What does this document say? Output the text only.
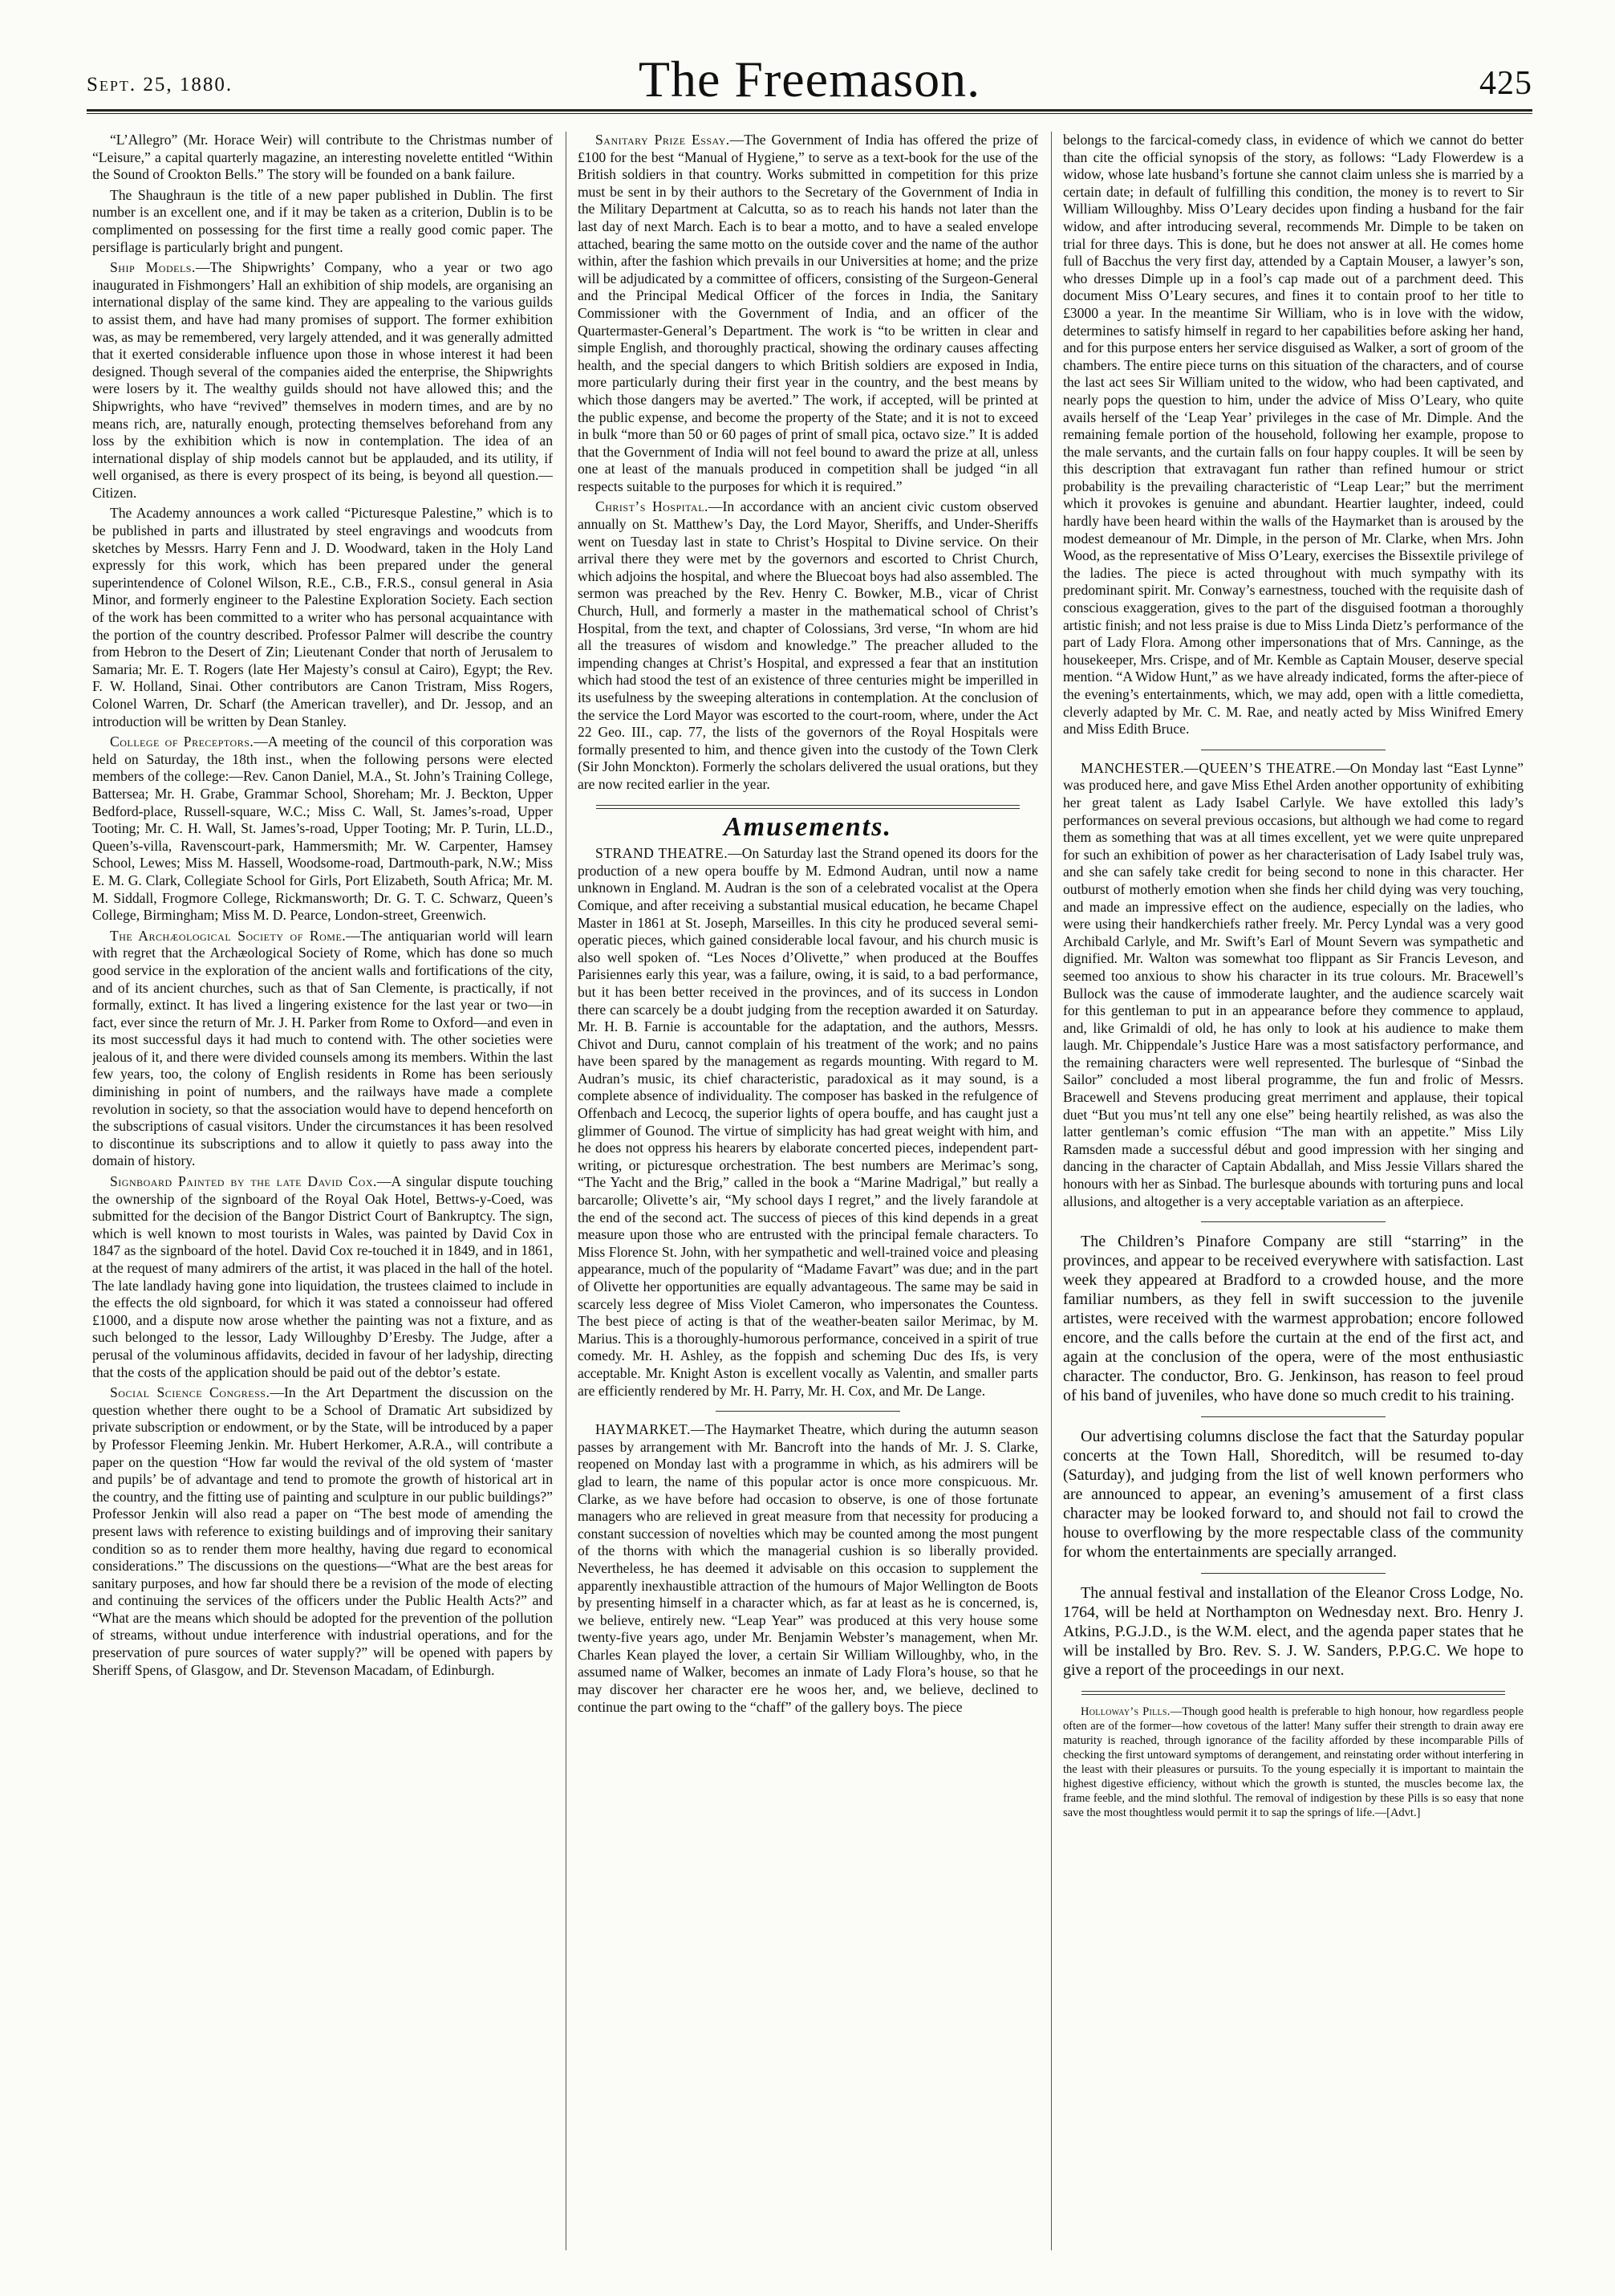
Sept. 25, 1880.	The Freemason.	425

“L’Allegro” (Mr. Horace Weir) will contribute to the Christmas number of “Leisure,” a capital quarterly magazine, an interesting novelette entitled “Within the Sound of Crookton Bells.” The story will be founded on a bank failure.

The Shaughraun is the title of a new paper published in Dublin. The first number is an excellent one, and if it may be taken as a criterion, Dublin is to be complimented on possessing for the first time a really good comic paper. The persiflage is particularly bright and pungent.

Ship Models.—The Shipwrights’ Company, who a year or two ago inaugurated in Fishmongers’ Hall an exhibition of ship models, are organising an international display of the same kind. They are appealing to the various guilds to assist them, and have had many promises of support. The former exhibition was, as may be remembered, very largely attended, and it was generally admitted that it exerted considerable influence upon those in whose interest it had been designed. Though several of the companies aided the enterprise, the Shipwrights were losers by it. The wealthy guilds should not have allowed this; and the Shipwrights, who have “revived” themselves in modern times, and are by no means rich, are, naturally enough, protecting themselves beforehand from any loss by the exhibition which is now in contemplation. The idea of an international display of ship models cannot but be applauded, and its utility, if well organised, as there is every prospect of its being, is beyond all question.—Citizen.

The Academy announces a work called “Picturesque Palestine,” which is to be published in parts and illustrated by steel engravings and woodcuts from sketches by Messrs. Harry Fenn and J. D. Woodward, taken in the Holy Land expressly for this work, which has been prepared under the general superintendence of Colonel Wilson, R.E., C.B., F.R.S., consul general in Asia Minor, and formerly engineer to the Palestine Exploration Society. Each section of the work has been committed to a writer who has personal acquaintance with the portion of the country described. Professor Palmer will describe the country from Hebron to the Desert of Zin; Lieutenant Conder that north of Jerusalem to Samaria; Mr. E. T. Rogers (late Her Majesty’s consul at Cairo), Egypt; the Rev. F. W. Holland, Sinai. Other contributors are Canon Tristram, Miss Rogers, Colonel Warren, Dr. Scharf (the American traveller), and Dr. Jessop, and an introduction will be written by Dean Stanley.

College of Preceptors.—A meeting of the council of this corporation was held on Saturday, the 18th inst., when the following persons were elected members of the college:—Rev. Canon Daniel, M.A., St. John’s Training College, Battersea; Mr. H. Grabe, Grammar School, Shoreham; Mr. J. Beckton, Upper Bedford-place, Russell-square, W.C.; Miss C. Wall, St. James’s-road, Upper Tooting; Mr. C. H. Wall, St. James’s-road, Upper Tooting; Mr. P. Turin, LL.D., Queen’s-villa, Ravenscourt-park, Hammersmith; Mr. W. Carpenter, Hamsey School, Lewes; Miss M. Hassell, Woodsome-road, Dartmouth-park, N.W.; Miss E. M. G. Clark, Collegiate School for Girls, Port Elizabeth, South Africa; Mr. M. M. Siddall, Frogmore College, Rickmansworth; Dr. G. T. C. Schwarz, Queen’s College, Birmingham; Miss M. D. Pearce, London-street, Greenwich.

The Archæological Society of Rome.—The antiquarian world will learn with regret that the Archæological Society of Rome, which has done so much good service in the exploration of the ancient walls and fortifications of the city, and of its ancient churches, such as that of San Clemente, is practically, if not formally, extinct. It has lived a lingering existence for the last year or two—in fact, ever since the return of Mr. J. H. Parker from Rome to Oxford—and even in its most successful days it had much to contend with. The other societies were jealous of it, and there were divided counsels among its members. Within the last few years, too, the colony of English residents in Rome has been seriously diminishing in point of numbers, and the railways have made a complete revolution in society, so that the association would have to depend henceforth on the subscriptions of casual visitors. Under the circumstances it has been resolved to discontinue its subscriptions and to allow it quietly to pass away into the domain of history.

Signboard Painted by the late David Cox.—A singular dispute touching the ownership of the signboard of the Royal Oak Hotel, Bettws-y-Coed, was submitted for the decision of the Bangor District Court of Bankruptcy. The sign, which is well known to most tourists in Wales, was painted by David Cox in 1847 as the signboard of the hotel. David Cox re-touched it in 1849, and in 1861, at the request of many admirers of the artist, it was placed in the hall of the hotel. The late landlady having gone into liquidation, the trustees claimed to include in the effects the old signboard, for which it was stated a connoisseur had offered £1000, and a dispute now arose whether the painting was not a fixture, and as such belonged to the lessor, Lady Willoughby D’Eresby. The Judge, after a perusal of the voluminous affidavits, decided in favour of her ladyship, directing that the costs of the application should be paid out of the debtor’s estate.

Social Science Congress.—In the Art Department the discussion on the question whether there ought to be a School of Dramatic Art subsidized by private subscription or endowment, or by the State, will be introduced by a paper by Professor Fleeming Jenkin. Mr. Hubert Herkomer, A.R.A., will contribute a paper on the question “How far would the revival of the old system of ‘master and pupils’ be of advantage and tend to promote the growth of historical art in the country, and the fitting use of painting and sculpture in our public buildings?” Professor Jenkin will also read a paper on “The best mode of amending the present laws with reference to existing buildings and of improving their sanitary condition so as to render them more healthy, having due regard to economical considerations.” The discussions on the questions—“What are the best areas for sanitary purposes, and how far should there be a revision of the mode of electing and continuing the services of the officers under the Public Health Acts?” and “What are the means which should be adopted for the prevention of the pollution of streams, without undue interference with industrial operations, and for the preservation of pure sources of water supply?” will be opened with papers by Sheriff Spens, of Glasgow, and Dr. Stevenson Macadam, of Edinburgh.

Sanitary Prize Essay.—The Government of India has offered the prize of £100 for the best “Manual of Hygiene,” to serve as a text-book for the use of the British soldiers in that country. Works submitted in competition for this prize must be sent in by their authors to the Secretary of the Government of India in the Military Department at Calcutta, so as to reach his hands not later than the last day of next March. Each is to bear a motto, and to have a sealed envelope attached, bearing the same motto on the outside cover and the name of the author within, after the fashion which prevails in our Universities at home; and the prize will be adjudicated by a committee of officers, consisting of the Surgeon-General and the Principal Medical Officer of the forces in India, the Sanitary Commissioner with the Government of India, and an officer of the Quartermaster-General’s Department. The work is “to be written in clear and simple English, and thoroughly practical, showing the ordinary causes affecting health, and the special dangers to which British soldiers are exposed in India, more particularly during their first year in the country, and the best means by which those dangers may be averted.” The work, if accepted, will be printed at the public expense, and become the property of the State; and it is not to exceed in bulk “more than 50 or 60 pages of print of small pica, octavo size.” It is added that the Government of India will not feel bound to award the prize at all, unless one at least of the manuals produced in competition shall be judged “in all respects suitable to the purposes for which it is required.”

Christ’s Hospital.—In accordance with an ancient civic custom observed annually on St. Matthew’s Day, the Lord Mayor, Sheriffs, and Under-Sheriffs went on Tuesday last in state to Christ’s Hospital to Divine service. On their arrival there they were met by the governors and escorted to Christ Church, which adjoins the hospital, and where the Bluecoat boys had also assembled. The sermon was preached by the Rev. Henry C. Bowker, M.B., vicar of Christ Church, Hull, and formerly a master in the mathematical school of Christ’s Hospital, from the text, and chapter of Colossians, 3rd verse, “In whom are hid all the treasures of wisdom and knowledge.” The preacher alluded to the impending changes at Christ’s Hospital, and expressed a fear that an institution which had stood the test of an existence of three centuries might be imperilled in its usefulness by the sweeping alterations in contemplation. At the conclusion of the service the Lord Mayor was escorted to the court-room, where, under the Act 22 Geo. III., cap. 77, the lists of the governors of the Royal Hospitals were formally presented to him, and thence given into the custody of the Town Clerk (Sir John Monckton). Formerly the scholars delivered the usual orations, but they are now recited earlier in the year.

Amusements.

STRAND THEATRE.—On Saturday last the Strand opened its doors for the production of a new opera bouffe by M. Edmond Audran, until now a name unknown in England. M. Audran is the son of a celebrated vocalist at the Opera Comique, and after receiving a substantial musical education, he became Chapel Master in 1861 at St. Joseph, Marseilles. In this city he produced several semi-operatic pieces, which gained considerable local favour, and his church music is also well spoken of. “Les Noces d’Olivette,” when produced at the Bouffes Parisiennes early this year, was a failure, owing, it is said, to a bad performance, but it has been better received in the provinces, and of its success in London there can scarcely be a doubt judging from the reception awarded it on Saturday. Mr. H. B. Farnie is accountable for the adaptation, and the authors, Messrs. Chivot and Duru, cannot complain of his treatment of the work; and no pains have been spared by the management as regards mounting. With regard to M. Audran’s music, its chief characteristic, paradoxical as it may sound, is a complete absence of individuality. The composer has basked in the refulgence of Offenbach and Lecocq, the superior lights of opera bouffe, and has caught just a glimmer of Gounod. The virtue of simplicity has had great weight with him, and he does not oppress his hearers by elaborate concerted pieces, independent part-writing, or picturesque orchestration. The best numbers are Merimac’s song, “The Yacht and the Brig,” called in the book a “Marine Madrigal,” but really a barcarolle; Olivette’s air, “My school days I regret,” and the lively farandole at the end of the second act. The success of pieces of this kind depends in a great measure upon those who are entrusted with the principal female characters. To Miss Florence St. John, with her sympathetic and well-trained voice and pleasing appearance, much of the popularity of “Madame Favart” was due; and in the part of Olivette her opportunities are equally advantageous. The same may be said in scarcely less degree of Miss Violet Cameron, who impersonates the Countess. The best piece of acting is that of the weather-beaten sailor Merimac, by M. Marius. This is a thoroughly-humorous performance, conceived in a spirit of true comedy. Mr. H. Ashley, as the foppish and scheming Duc des Ifs, is very acceptable. Mr. Knight Aston is excellent vocally as Valentin, and smaller parts are efficiently rendered by Mr. H. Parry, Mr. H. Cox, and Mr. De Lange.

HAYMARKET.—The Haymarket Theatre, which during the autumn season passes by arrangement with Mr. Bancroft into the hands of Mr. J. S. Clarke, reopened on Monday last with a programme in which, as his admirers will be glad to learn, the name of this popular actor is once more conspicuous. Mr. Clarke, as we have before had occasion to observe, is one of those fortunate managers who are relieved in great measure from that necessity for producing a constant succession of novelties which may be counted among the most pungent of the thorns with which the managerial cushion is so liberally provided. Nevertheless, he has deemed it advisable on this occasion to supplement the apparently inexhaustible attraction of the humours of Major Wellington de Boots by presenting himself in a character which, as far at least as he is concerned, is, we believe, entirely new. “Leap Year” was produced at this very house some twenty-five years ago, under Mr. Benjamin Webster’s management, when Mr. Charles Kean played the lover, a certain Sir William Willoughby, who, in the assumed name of Walker, becomes an inmate of Lady Flora’s house, so that he may discover her character ere he woos her, and, we believe, declined to continue the part owing to the “chaff” of the gallery boys. The piece

belongs to the farcical-comedy class, in evidence of which we cannot do better than cite the official synopsis of the story, as follows: “Lady Flowerdew is a widow, whose late husband’s fortune she cannot claim unless she is married by a certain date; in default of fulfilling this condition, the money is to revert to Sir William Willoughby. Miss O’Leary decides upon finding a husband for the fair widow, and after introducing several, recommends Mr. Dimple to be taken on trial for three days. This is done, but he does not answer at all. He comes home full of Bacchus the very first day, attended by a Captain Mouser, a lawyer’s son, who dresses Dimple up in a fool’s cap made out of a parchment deed. This document Miss O’Leary secures, and fines it to contain proof to her title to £3000 a year. In the meantime Sir William, who is in love with the widow, determines to satisfy himself in regard to her capabilities before asking her hand, and for this purpose enters her service disguised as Walker, a sort of groom of the chambers. The entire piece turns on this situation of the characters, and of course the last act sees Sir William united to the widow, who had been captivated, and nearly pops the question to him, under the advice of Miss O’Leary, who quite avails herself of the ‘Leap Year’ privileges in the case of Mr. Dimple. And the remaining female portion of the household, following her example, propose to the male servants, and the curtain falls on four happy couples. It will be seen by this description that extravagant fun rather than refined humour or strict probability is the prevailing characteristic of “Leap Lear;” but the merriment which it provokes is genuine and abundant. Heartier laughter, indeed, could hardly have been heard within the walls of the Haymarket than is aroused by the modest demeanour of Mr. Dimple, in the person of Mr. Clarke, when Mrs. John Wood, as the representative of Miss O’Leary, exercises the Bissextile privilege of the ladies. The piece is acted throughout with much sympathy with its predominant spirit. Mr. Conway’s earnestness, touched with the requisite dash of conscious exaggeration, gives to the part of the disguised footman a thoroughly artistic finish; and not less praise is due to Miss Linda Dietz’s performance of the part of Lady Flora. Among other impersonations that of Mrs. Canninge, as the housekeeper, Mrs. Crispe, and of Mr. Kemble as Captain Mouser, deserve special mention. “A Widow Hunt,” as we have already indicated, forms the after-piece of the evening’s entertainments, which, we may add, open with a little comedietta, cleverly adapted by Mr. C. M. Rae, and neatly acted by Miss Winifred Emery and Miss Edith Bruce.

MANCHESTER.—QUEEN’S THEATRE.—On Monday last “East Lynne” was produced here, and gave Miss Ethel Arden another opportunity of exhibiting her great talent as Lady Isabel Carlyle. We have extolled this lady’s performances on several previous occasions, but although we had come to regard them as something that was at all times excellent, yet we were quite unprepared for such an exhibition of power as her characterisation of Lady Isabel truly was, and she can safely take credit for being second to none in this character. Her outburst of motherly emotion when she finds her child dying was very touching, and made an impressive effect on the audience, especially on the ladies, who were using their handkerchiefs rather freely. Mr. Percy Lyndal was a very good Archibald Carlyle, and Mr. Swift’s Earl of Mount Severn was sympathetic and dignified. Mr. Walton was somewhat too flippant as Sir Francis Leveson, and seemed too anxious to show his character in its true colours. Mr. Bracewell’s Bullock was the cause of immoderate laughter, and the audience scarcely wait for this gentleman to put in an appearance before they commence to applaud, and, like Grimaldi of old, he has only to look at his audience to make them laugh. Mr. Chippendale’s Justice Hare was a most satisfactory performance, and the remaining characters were well represented. The burlesque of “Sinbad the Sailor” concluded a most liberal programme, the fun and frolic of Messrs. Bracewell and Stevens producing great merriment and applause, their topical duet “But you mus’nt tell any one else” being heartily relished, as was also the latter gentleman’s comic effusion “The man with an appetite.” Miss Lily Ramsden made a successful début and good impression with her singing and dancing in the character of Captain Abdallah, and Miss Jessie Villars shared the honours with her as Sinbad. The burlesque abounds with torturing puns and local allusions, and altogether is a very acceptable variation as an afterpiece.

The Children’s Pinafore Company are still “starring” in the provinces, and appear to be received everywhere with satisfaction. Last week they appeared at Bradford to a crowded house, and the more familiar numbers, as they fell in swift succession to the juvenile artistes, were received with the warmest approbation; encore followed encore, and the calls before the curtain at the end of the first act, and again at the conclusion of the opera, were of the most enthusiastic character. The conductor, Bro. G. Jenkinson, has reason to feel proud of his band of juveniles, who have done so much credit to his training.

Our advertising columns disclose the fact that the Saturday popular concerts at the Town Hall, Shoreditch, will be resumed to-day (Saturday), and judging from the list of well known performers who are announced to appear, an evening’s amusement of a first class character may be looked forward to, and should not fail to crowd the house to overflowing by the more respectable class of the community for whom the entertainments are specially arranged.

The annual festival and installation of the Eleanor Cross Lodge, No. 1764, will be held at Northampton on Wednesday next. Bro. Henry J. Atkins, P.G.J.D., is the W.M. elect, and the agenda paper states that he will be installed by Bro. Rev. S. J. W. Sanders, P.P.G.C. We hope to give a report of the proceedings in our next.

Holloway’s Pills.—Though good health is preferable to high honour, how regardless people often are of the former—how covetous of the latter! Many suffer their strength to drain away ere maturity is reached, through ignorance of the facility afforded by these incomparable Pills of checking the first untoward symptoms of derangement, and reinstating order without interfering in the least with their pleasures or pursuits. To the young especially it is important to maintain the highest digestive efficiency, without which the growth is stunted, the muscles become lax, the frame feeble, and the mind slothful. The removal of indigestion by these Pills is so easy that none save the most thoughtless would permit it to sap the springs of life.—[Advt.]
